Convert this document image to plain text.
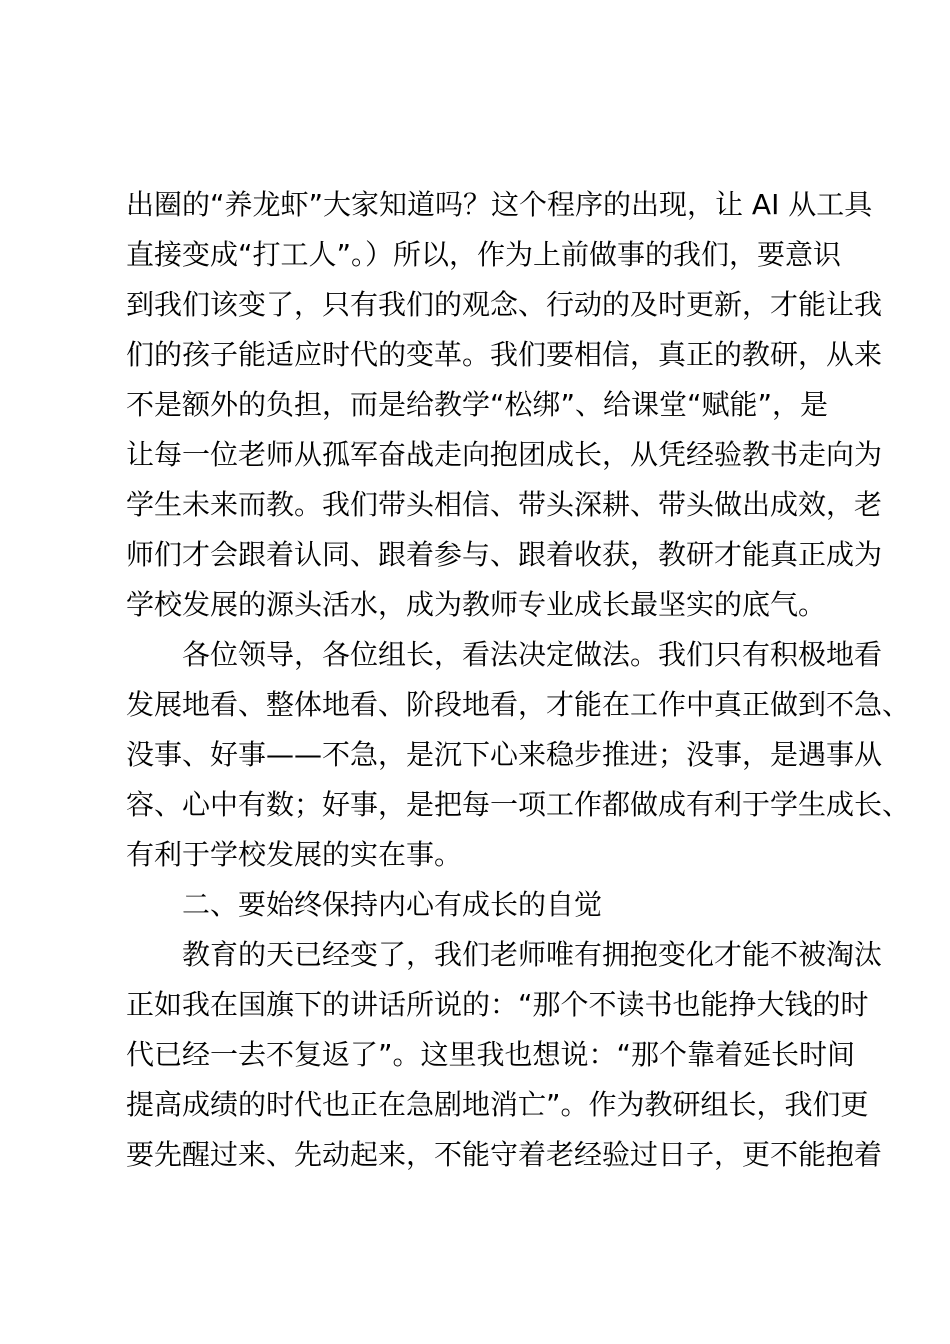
出圈的“养龙虾”大家知道吗？这个程序的出现，让 AI 从工具
直接变成“打工人”。）所以，作为上前做事的我们，要意识
到我们该变了，只有我们的观念、行动的及时更新，才能让我
们的孩子能适应时代的变革。我们要相信，真正的教研，从来
不是额外的负担，而是给教学“松绑”、给课堂“赋能”，是
让每一位老师从孤军奋战走向抱团成长，从凭经验教书走向为
学生未来而教。我们带头相信、带头深耕、带头做出成效，老
师们才会跟着认同、跟着参与、跟着收获，教研才能真正成为
学校发展的源头活水，成为教师专业成长最坚实的底气。
各位领导，各位组长，看法决定做法。我们只有积极地看
发展地看、整体地看、阶段地看，才能在工作中真正做到不急、
没事、好事——不急，是沉下心来稳步推进；没事，是遇事从
容、心中有数；好事，是把每一项工作都做成有利于学生成长、
有利于学校发展的实在事。
二、要始终保持内心有成长的自觉
教育的天已经变了，我们老师唯有拥抱变化才能不被淘汰
正如我在国旗下的讲话所说的：“那个不读书也能挣大钱的时
代已经一去不复返了”。这里我也想说：“那个靠着延长时间
提高成绩的时代也正在急剧地消亡”。作为教研组长，我们更
要先醒过来、先动起来，不能守着老经验过日子，更不能抱着
